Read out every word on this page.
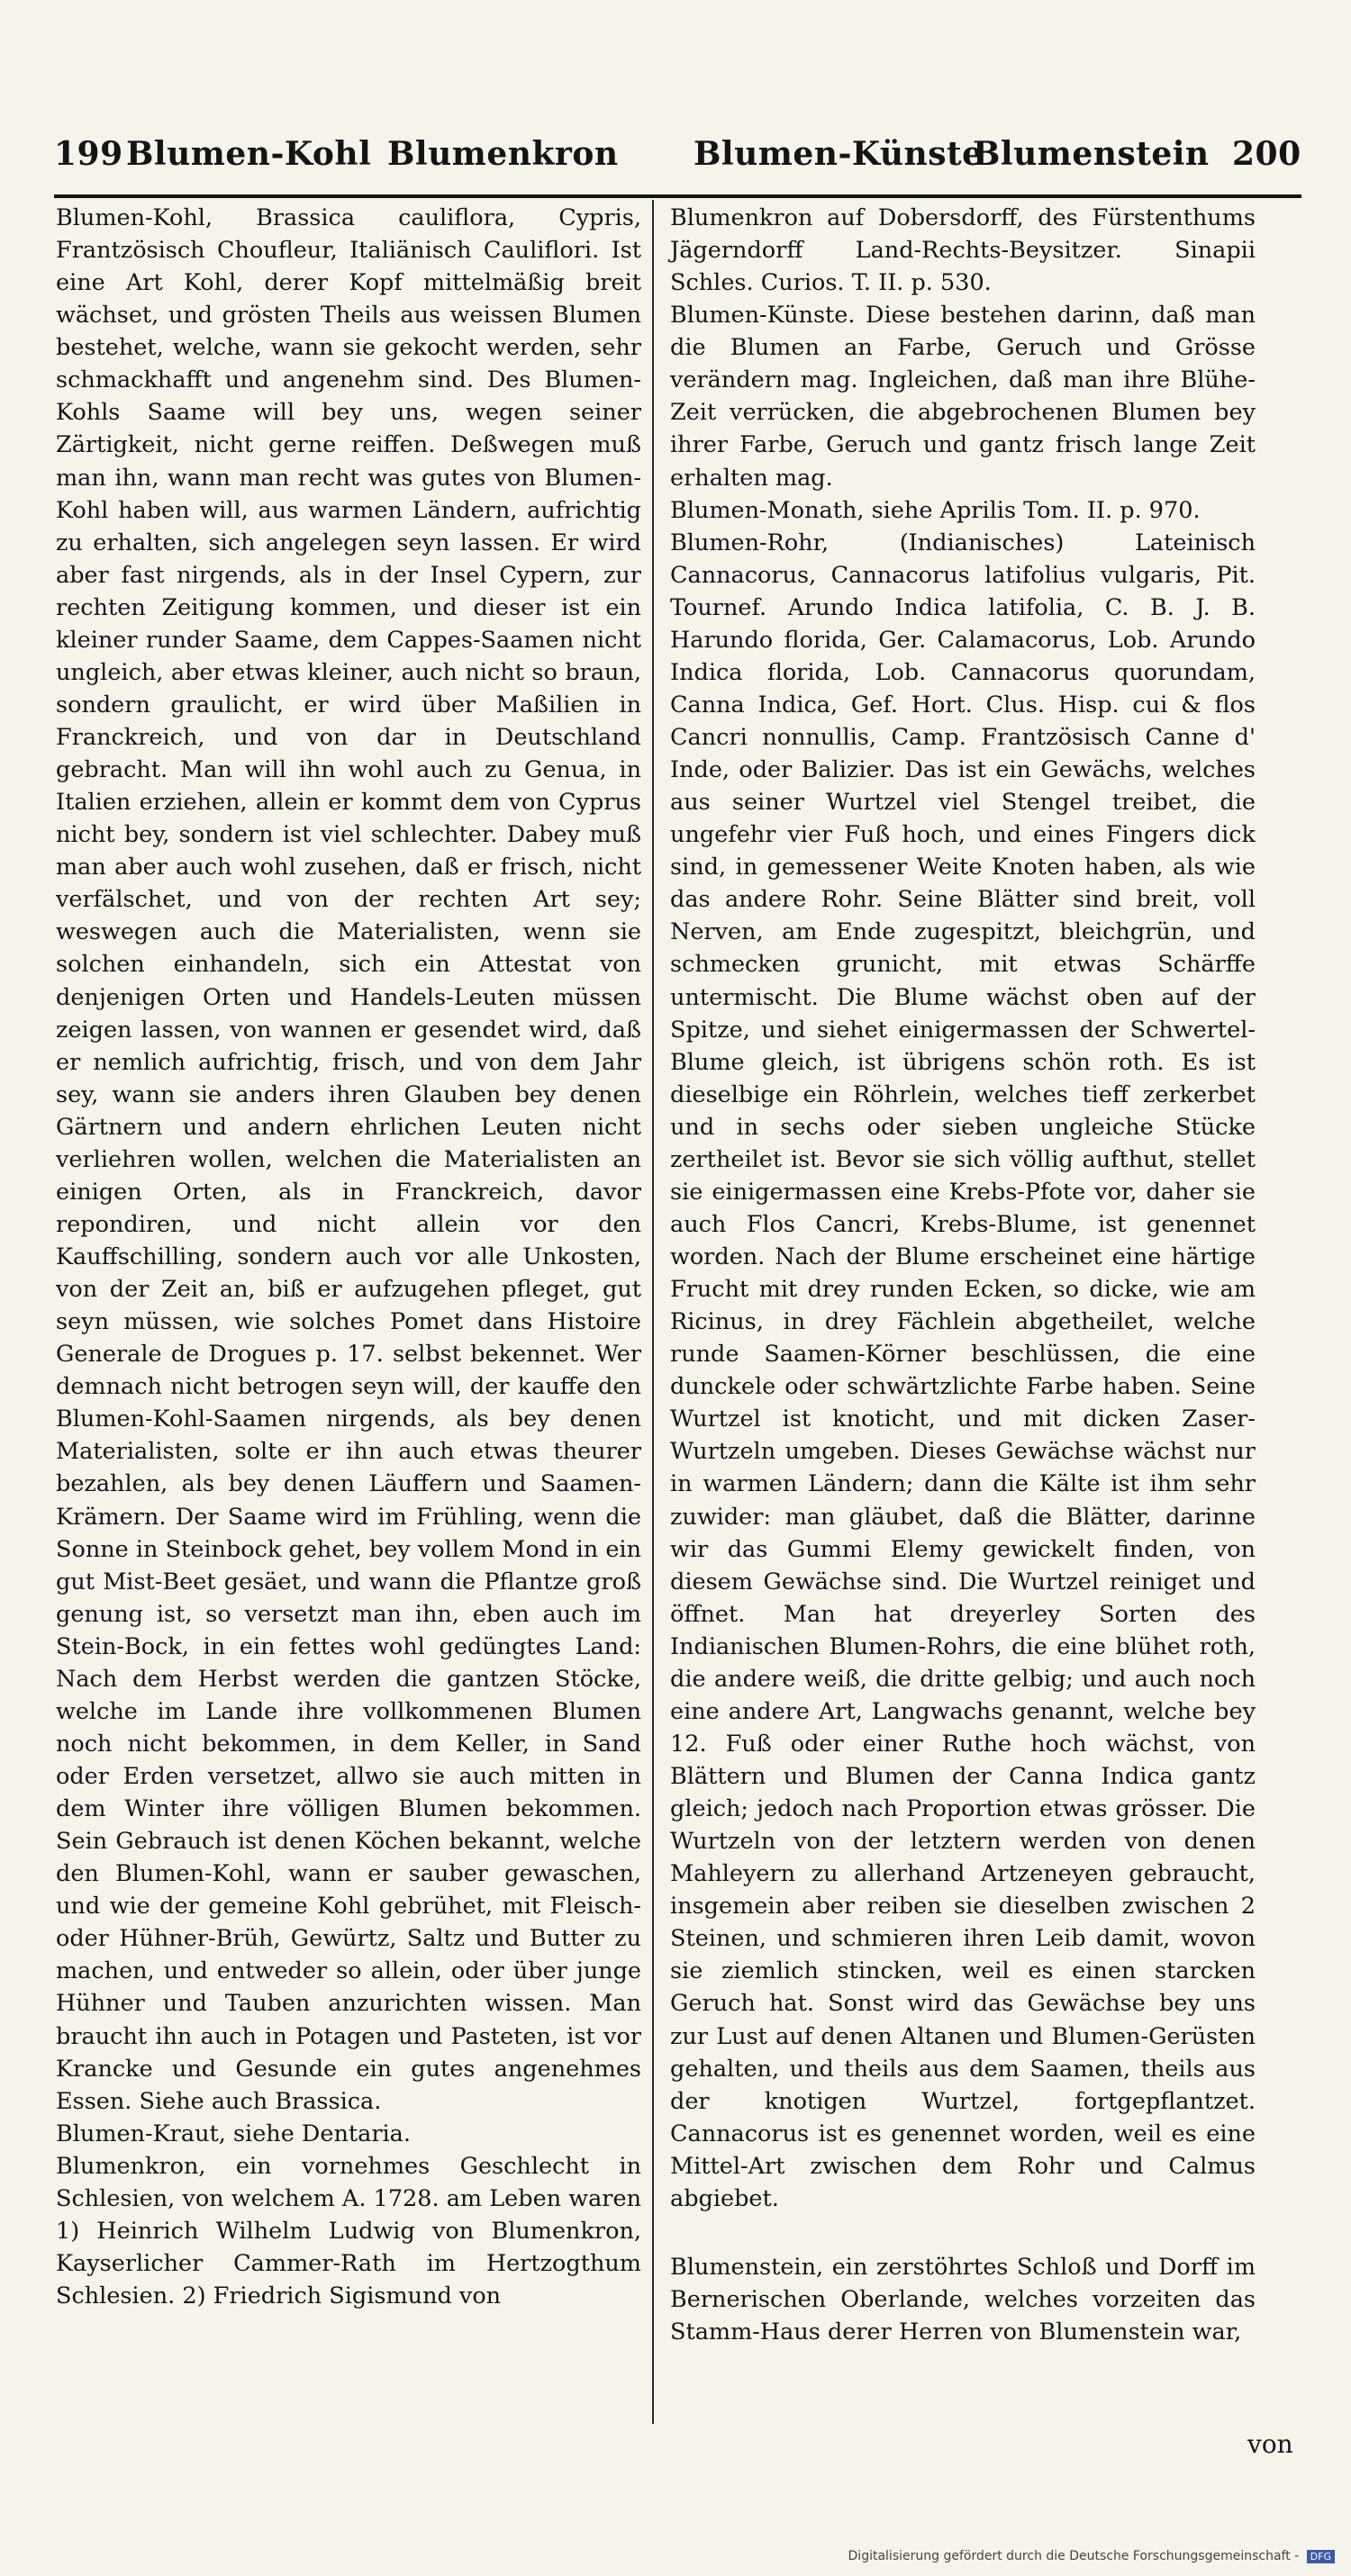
199 Blumen-Kohl Blumenkron Blumen-Künste
Blumenstein 200

Blumen-Kohl, Brassica cauliflora, Cypris, Frantzösisch Choufleur, Italiänisch Cauliflori. Ist eine Art Kohl, derer Kopf mittelmäßig breit wächset, und grösten Theils aus weissen Blumen bestehet, welche, wann sie gekocht werden, sehr schmackhafft und angenehm sind. Des Blumen-Kohls Saame will bey uns, wegen seiner Zärtigkeit, nicht gerne reiffen. Deßwegen muß man ihn, wann man recht was gutes von Blumen-Kohl haben will, aus warmen Ländern, aufrichtig zu erhalten, sich angelegen seyn lassen. Er wird aber fast nirgends, als in der Insel Cypern, zur rechten Zeitigung kommen, und dieser ist ein kleiner runder Saame, dem Cappes-Saamen nicht ungleich, aber etwas kleiner, auch nicht so braun, sondern graulicht, er wird über Maßilien in Franckreich, und von dar in Deutschland gebracht. Man will ihn wohl auch zu Genua, in Italien erziehen, allein er kommt dem von Cyprus nicht bey, sondern ist viel schlechter. Dabey muß man aber auch wohl zusehen, daß er frisch, nicht verfälschet, und von der rechten Art sey; weswegen auch die Materialisten, wenn sie solchen einhandeln, sich ein Attestat von denjenigen Orten und Handels-Leuten müssen zeigen lassen, von wannen er gesendet wird, daß er nemlich aufrichtig, frisch, und von dem Jahr sey, wann sie anders ihren Glauben bey denen Gärtnern und andern ehrlichen Leuten nicht verliehren wollen, welchen die Materialisten an einigen Orten, als in Franckreich, davor repondiren, und nicht allein vor den Kauffschilling, sondern auch vor alle Unkosten, von der Zeit an, biß er aufzugehen pfleget, gut seyn müssen, wie solches Pomet dans Histoire Generale de Drogues p. 17. selbst bekennet. Wer demnach nicht betrogen seyn will, der kauffe den Blumen-Kohl-Saamen nirgends, als bey denen Materialisten, solte er ihn auch etwas theurer bezahlen, als bey denen Läuffern und Saamen-Krämern. Der Saame wird im Frühling, wenn die Sonne in Steinbock gehet, bey vollem Mond in ein gut Mist-Beet gesäet, und wann die Pflantze groß genung ist, so versetzt man ihn, eben auch im Stein-Bock, in ein fettes wohl gedüngtes Land: Nach dem Herbst werden die gantzen Stöcke, welche im Lande ihre vollkommenen Blumen noch nicht bekommen, in dem Keller, in Sand oder Erden versetzet, allwo sie auch mitten in dem Winter ihre völligen Blumen bekommen. Sein Gebrauch ist denen Köchen bekannt, welche den Blumen-Kohl, wann er sauber gewaschen, und wie der gemeine Kohl gebrühet, mit Fleisch- oder Hühner-Brüh, Gewürtz, Saltz und Butter zu machen, und entweder so allein, oder über junge Hühner und Tauben anzurichten wissen. Man braucht ihn auch in Potagen und Pasteten, ist vor Krancke und Gesunde ein gutes angenehmes Essen. Siehe auch Brassica.

Blumen-Kraut, siehe Dentaria.

Blumenkron, ein vornehmes Geschlecht in Schlesien, von welchem A. 1728. am Leben waren 1) Heinrich Wilhelm Ludwig von Blumenkron, Kayserlicher Cammer-Rath im Hertzogthum Schlesien. 2) Friedrich Sigismund von

Blumenkron auf Dobersdorff, des Fürstenthums Jägerndorff Land-Rechts-Beysitzer. Sinapii Schles. Curios. T. II. p. 530.

Blumen-Künste. Diese bestehen darinn, daß man die Blumen an Farbe, Geruch und Grösse verändern mag. Ingleichen, daß man ihre Blühe-Zeit verrücken, die abgebrochenen Blumen bey ihrer Farbe, Geruch und gantz frisch lange Zeit erhalten mag.

Blumen-Monath, siehe Aprilis Tom. II. p. 970.

Blumen-Rohr, (Indianisches) Lateinisch Cannacorus, Cannacorus latifolius vulgaris, Pit. Tournef. Arundo Indica latifolia, C. B. J. B. Harundo florida, Ger. Calamacorus, Lob. Arundo Indica florida, Lob. Cannacorus quorundam, Canna Indica, Gef. Hort. Clus. Hisp. cui & flos Cancri nonnullis, Camp. Frantzösisch Canne d' Inde, oder Balizier. Das ist ein Gewächs, welches aus seiner Wurtzel viel Stengel treibet, die ungefehr vier Fuß hoch, und eines Fingers dick sind, in gemessener Weite Knoten haben, als wie das andere Rohr. Seine Blätter sind breit, voll Nerven, am Ende zugespitzt, bleichgrün, und schmecken grunicht, mit etwas Schärffe untermischt. Die Blume wächst oben auf der Spitze, und siehet einigermassen der Schwertel-Blume gleich, ist übrigens schön roth. Es ist dieselbige ein Röhrlein, welches tieff zerkerbet und in sechs oder sieben ungleiche Stücke zertheilet ist. Bevor sie sich völlig aufthut, stellet sie einigermassen eine Krebs-Pfote vor, daher sie auch Flos Cancri, Krebs-Blume, ist genennet worden. Nach der Blume erscheinet eine härtige Frucht mit drey runden Ecken, so dicke, wie am Ricinus, in drey Fächlein abgetheilet, welche runde Saamen-Körner beschlüssen, die eine dunckele oder schwärtzlichte Farbe haben. Seine Wurtzel ist knoticht, und mit dicken Zaser-Wurtzeln umgeben. Dieses Gewächse wächst nur in warmen Ländern; dann die Kälte ist ihm sehr zuwider: man gläubet, daß die Blätter, darinne wir das Gummi Elemy gewickelt finden, von diesem Gewächse sind. Die Wurtzel reiniget und öffnet. Man hat dreyerley Sorten des Indianischen Blumen-Rohrs, die eine blühet roth, die andere weiß, die dritte gelbig; und auch noch eine andere Art, Langwachs genannt, welche bey 12. Fuß oder einer Ruthe hoch wächst, von Blättern und Blumen der Canna Indica gantz gleich; jedoch nach Proportion etwas grösser. Die Wurtzeln von der letztern werden von denen Mahleyern zu allerhand Artzeneyen gebraucht, insgemein aber reiben sie dieselben zwischen 2 Steinen, und schmieren ihren Leib damit, wovon sie ziemlich stincken, weil es einen starcken Geruch hat. Sonst wird das Gewächse bey uns zur Lust auf denen Altanen und Blumen-Gerüsten gehalten, und theils aus dem Saamen, theils aus der knotigen Wurtzel, fortgepflantzet. Cannacorus ist es genennet worden, weil es eine Mittel-Art zwischen dem Rohr und Calmus abgiebet.

Blumenstein, ein zerstöhrtes Schloß und Dorff im Bernerischen Oberlande, welches vorzeiten das Stamm-Haus derer Herren von Blumenstein war,

von
Digitalisierung gefördert durch die Deutsche Forschungsgemeinschaft - DFG
